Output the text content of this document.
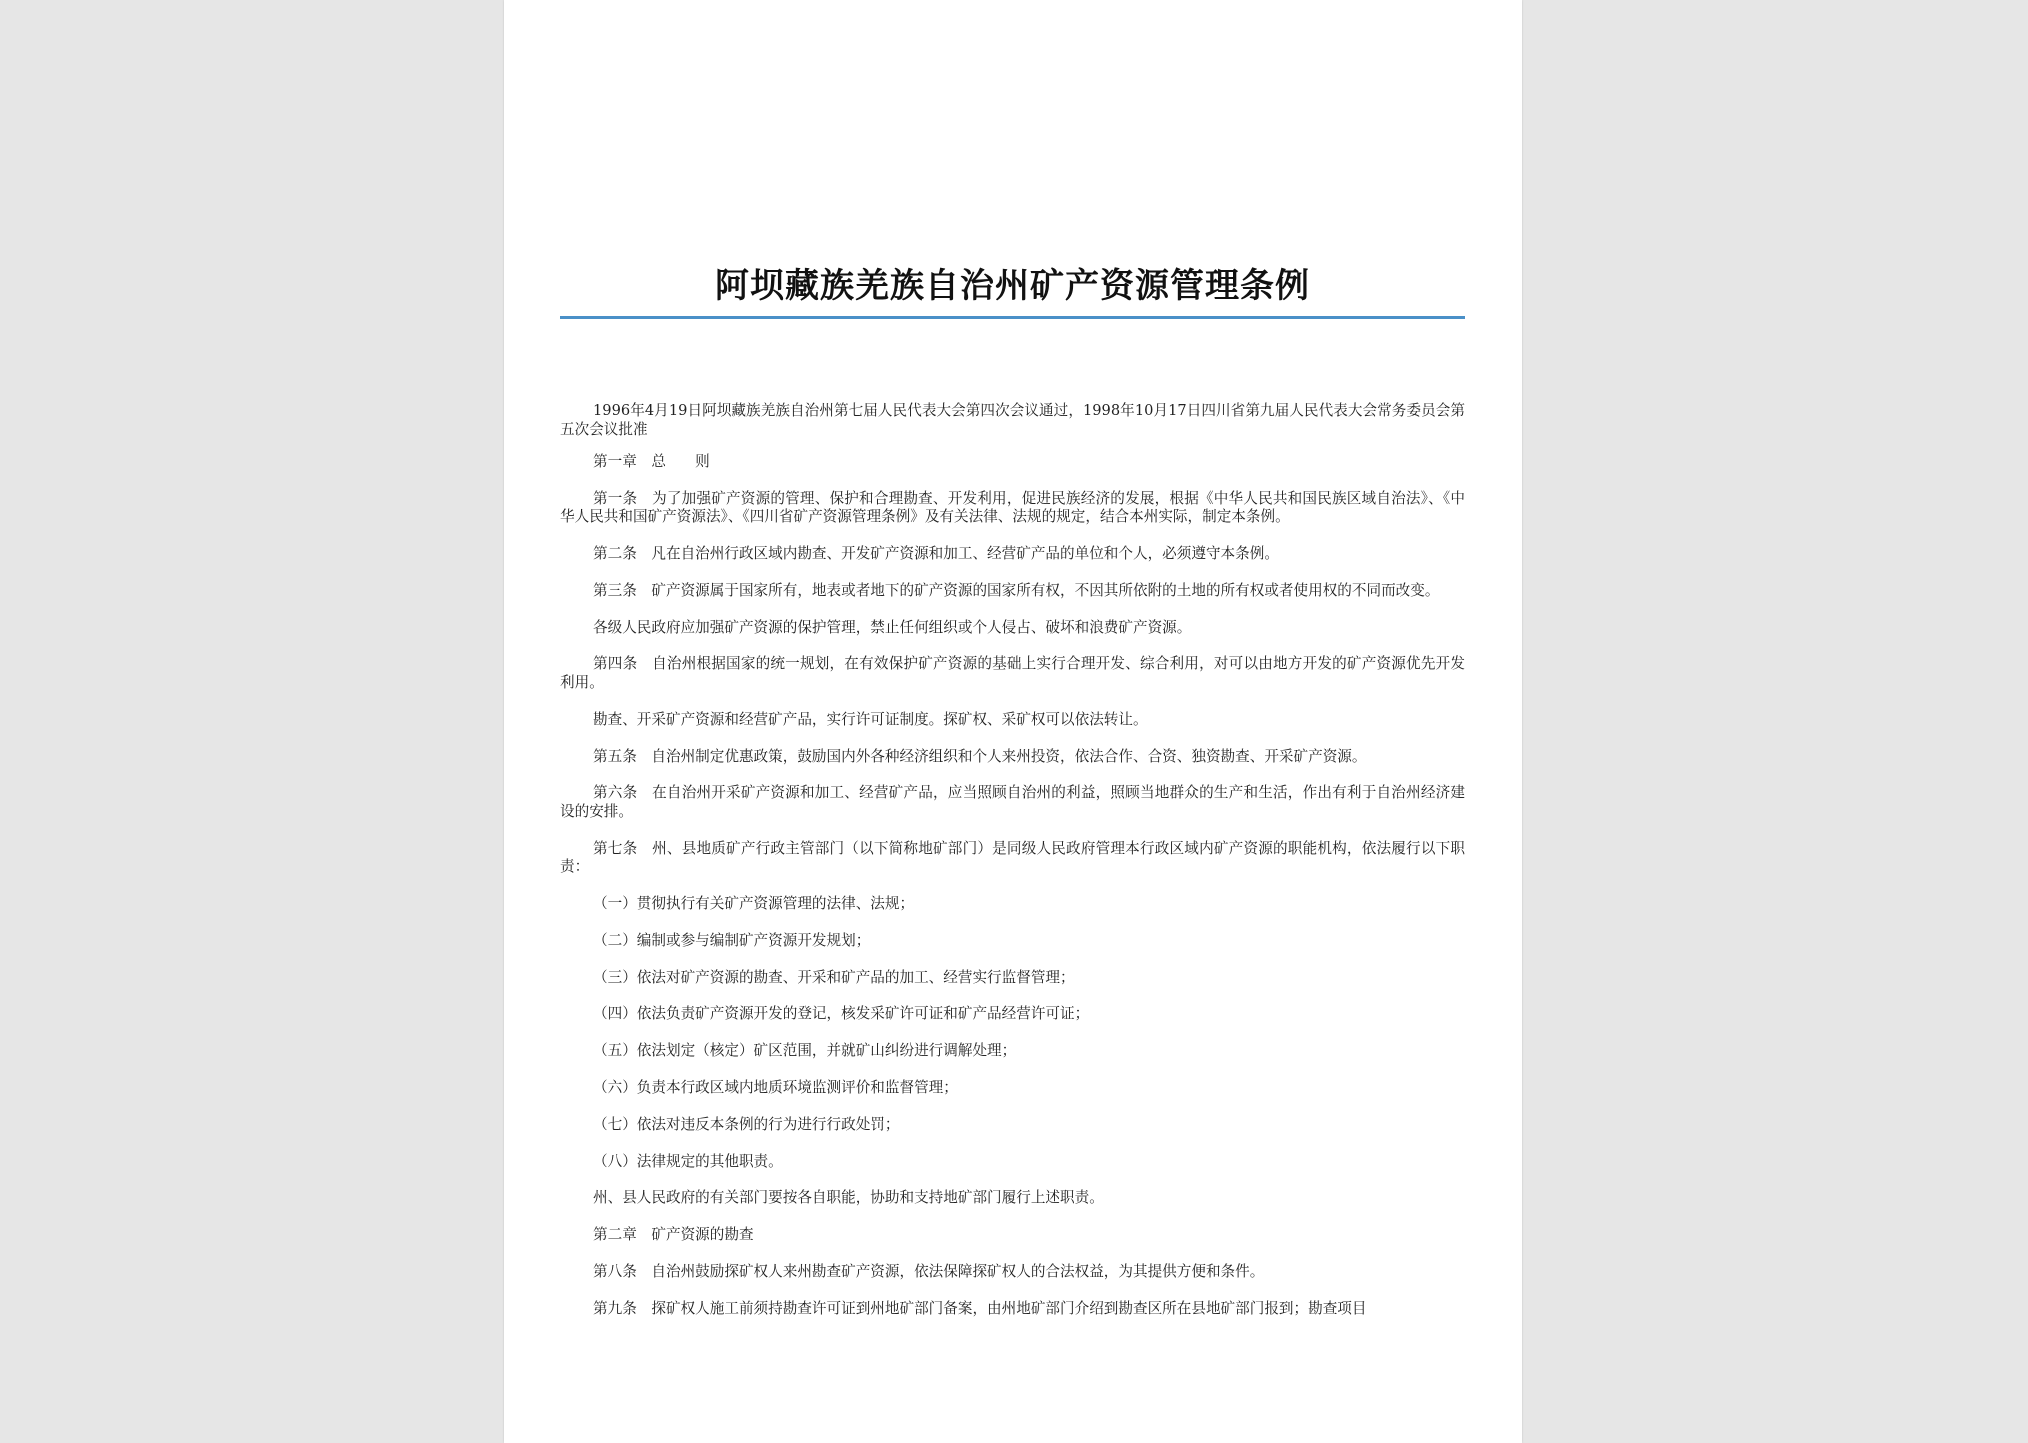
阿坝藏族羌族自治州矿产资源管理条例

1996年4月19日阿坝藏族羌族自治州第七届人民代表大会第四次会议通过，1998年10月17日四川省第九届人民代表大会常务委员会第五次会议批准

第一章　总　　则

第一条　为了加强矿产资源的管理、保护和合理勘查、开发利用，促进民族经济的发展，根据《中华人民共和国民族区域自治法》、《中华人民共和国矿产资源法》、《四川省矿产资源管理条例》及有关法律、法规的规定，结合本州实际，制定本条例。

第二条　凡在自治州行政区域内勘查、开发矿产资源和加工、经营矿产品的单位和个人，必须遵守本条例。

第三条　矿产资源属于国家所有，地表或者地下的矿产资源的国家所有权，不因其所依附的土地的所有权或者使用权的不同而改变。

各级人民政府应加强矿产资源的保护管理，禁止任何组织或个人侵占、破坏和浪费矿产资源。

第四条　自治州根据国家的统一规划，在有效保护矿产资源的基础上实行合理开发、综合利用，对可以由地方开发的矿产资源优先开发利用。

勘查、开采矿产资源和经营矿产品，实行许可证制度。探矿权、采矿权可以依法转让。

第五条　自治州制定优惠政策，鼓励国内外各种经济组织和个人来州投资，依法合作、合资、独资勘查、开采矿产资源。

第六条　在自治州开采矿产资源和加工、经营矿产品，应当照顾自治州的利益，照顾当地群众的生产和生活，作出有利于自治州经济建设的安排。

第七条　州、县地质矿产行政主管部门（以下简称地矿部门）是同级人民政府管理本行政区域内矿产资源的职能机构，依法履行以下职责：

（一）贯彻执行有关矿产资源管理的法律、法规；

（二）编制或参与编制矿产资源开发规划；

（三）依法对矿产资源的勘查、开采和矿产品的加工、经营实行监督管理；

（四）依法负责矿产资源开发的登记，核发采矿许可证和矿产品经营许可证；

（五）依法划定（核定）矿区范围，并就矿山纠纷进行调解处理；

（六）负责本行政区域内地质环境监测评价和监督管理；

（七）依法对违反本条例的行为进行行政处罚；

（八）法律规定的其他职责。

州、县人民政府的有关部门要按各自职能，协助和支持地矿部门履行上述职责。

第二章　矿产资源的勘查

第八条　自治州鼓励探矿权人来州勘查矿产资源，依法保障探矿权人的合法权益，为其提供方便和条件。

第九条　探矿权人施工前须持勘查许可证到州地矿部门备案，由州地矿部门介绍到勘查区所在县地矿部门报到；勘查项目
